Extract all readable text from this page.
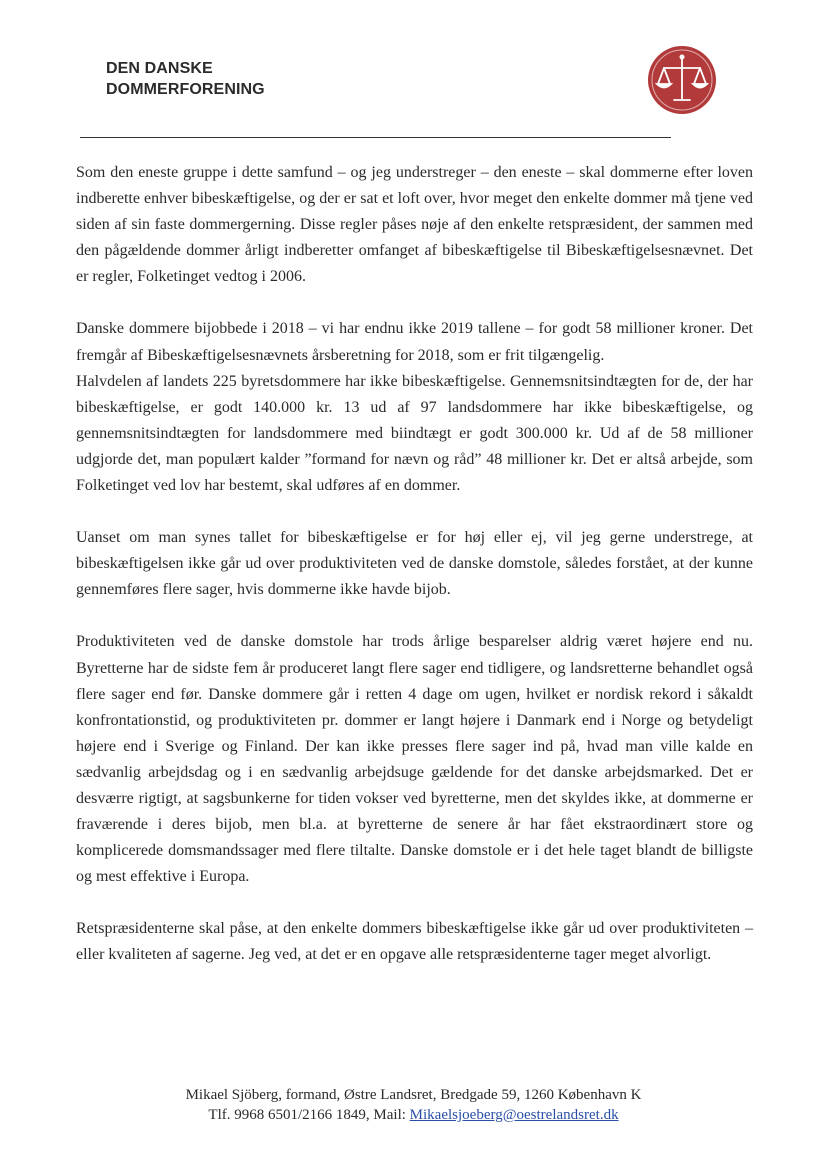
DEN DANSKE
DOMMERFORENING

Som den eneste gruppe i dette samfund – og jeg understreger – den eneste – skal dommerne efter loven indberette enhver bibeskæftigelse, og der er sat et loft over, hvor meget den enkelte dommer må tjene ved siden af sin faste dommergerning. Disse regler påses nøje af den enkelte retspræsident, der sammen med den pågældende dommer årligt indberetter omfanget af bibeskæftigelse til Bibeskæftigelsesnævnet. Det er regler, Folketinget vedtog i 2006.

Danske dommere bijobbede i 2018 – vi har endnu ikke 2019 tallene – for godt 58 millioner kroner. Det fremgår af Bibeskæftigelsesnævnets årsberetning for 2018, som er frit tilgængelig.

Halvdelen af landets 225 byretsdommere har ikke bibeskæftigelse. Gennemsnitsindtægten for de, der har bibeskæftigelse, er godt 140.000 kr. 13 ud af 97 landsdommere har ikke bibeskæftigelse, og gennemsnitsindtægten for landsdommere med biindtægt er godt 300.000 kr. Ud af de 58 millioner udgjorde det, man populært kalder ”formand for nævn og råd” 48 millioner kr. Det er altså arbejde, som Folketinget ved lov har bestemt, skal udføres af en dommer.

Uanset om man synes tallet for bibeskæftigelse er for høj eller ej, vil jeg gerne understrege, at bibeskæftigelsen ikke går ud over produktiviteten ved de danske domstole, således forstået, at der kunne gennemføres flere sager, hvis dommerne ikke havde bijob.

Produktiviteten ved de danske domstole har trods årlige besparelser aldrig været højere end nu. Byretterne har de sidste fem år produceret langt flere sager end tidligere, og landsretterne behandlet også flere sager end før. Danske dommere går i retten 4 dage om ugen, hvilket er nordisk rekord i såkaldt konfrontationstid, og produktiviteten pr. dommer er langt højere i Danmark end i Norge og betydeligt højere end i Sverige og Finland. Der kan ikke presses flere sager ind på, hvad man ville kalde en sædvanlig arbejdsdag og i en sædvanlig arbejdsuge gældende for det danske arbejdsmarked. Det er desværre rigtigt, at sagsbunkerne for tiden vokser ved byretterne, men det skyldes ikke, at dommerne er fraværende i deres bijob, men bl.a. at byretterne de senere år har fået ekstraordinært store og komplicerede domsmandssager med flere tiltalte. Danske domstole er i det hele taget blandt de billigste og mest effektive i Europa.

Retspræsidenterne skal påse, at den enkelte dommers bibeskæftigelse ikke går ud over produktiviteten – eller kvaliteten af sagerne. Jeg ved, at det er en opgave alle retspræsidenterne tager meget alvorligt.

Mikael Sjöberg, formand, Østre Landsret, Bredgade 59, 1260 København K
Tlf. 9968 6501/2166 1849, Mail: Mikaelsjoeberg@oestrelandsret.dk
